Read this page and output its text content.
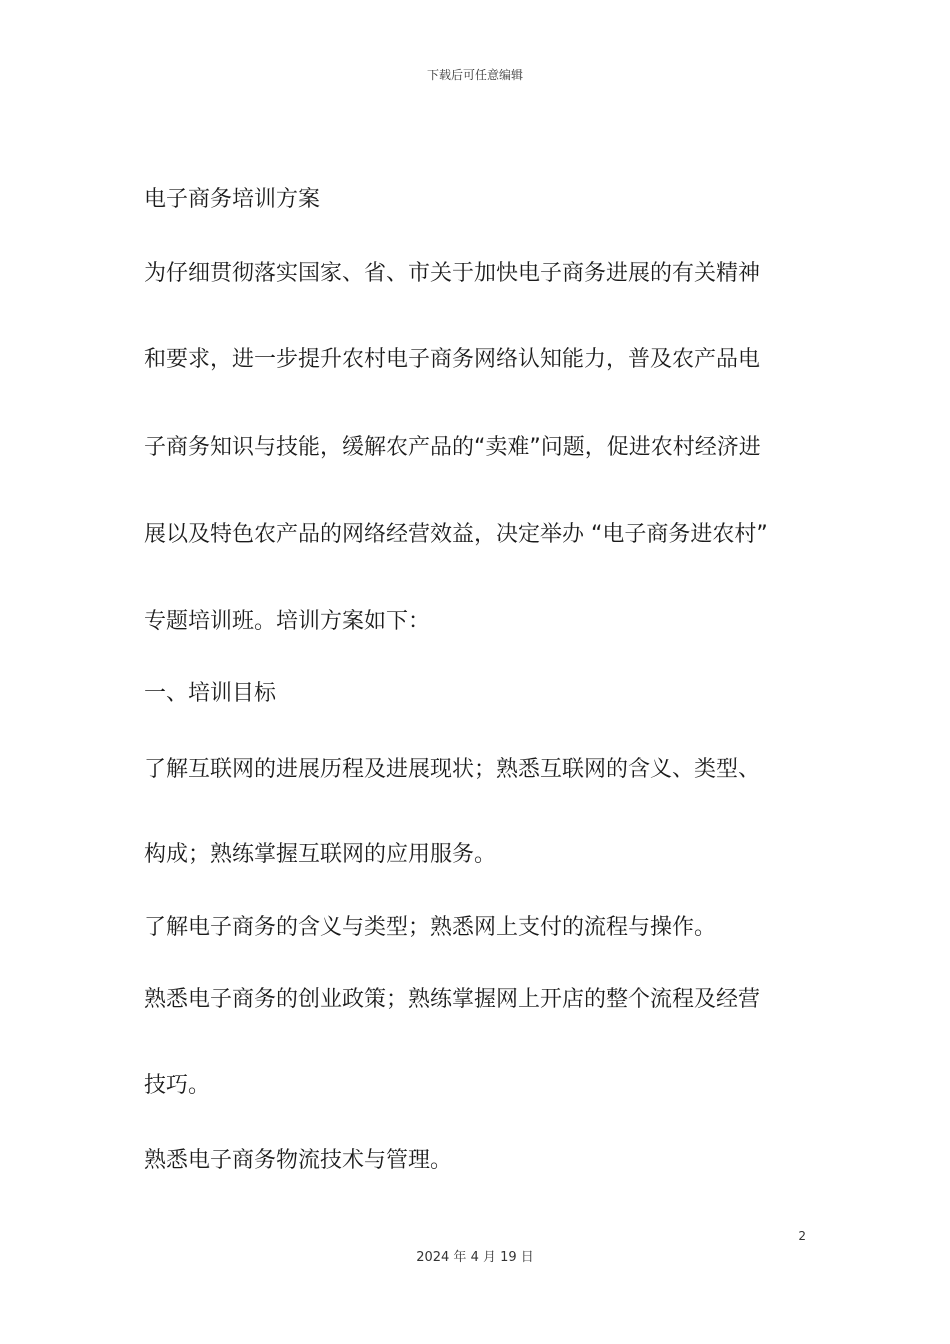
下载后可任意编辑
电子商务培训方案
为仔细贯彻落实国家、省、市关于加快电子商务进展的有关精神
和要求，进一步提升农村电子商务网络认知能力，普及农产品电
子商务知识与技能，缓解农产品的“卖难”问题，促进农村经济进
展以及特色农产品的网络经营效益，决定举办 “电子商务进农村”
专题培训班。培训方案如下：
一、培训目标
了解互联网的进展历程及进展现状；熟悉互联网的含义、类型、
构成；熟练掌握互联网的应用服务。
了解电子商务的含义与类型；熟悉网上支付的流程与操作。
熟悉电子商务的创业政策；熟练掌握网上开店的整个流程及经营
技巧。
熟悉电子商务物流技术与管理。
2
2024 年 4 月 19 日
